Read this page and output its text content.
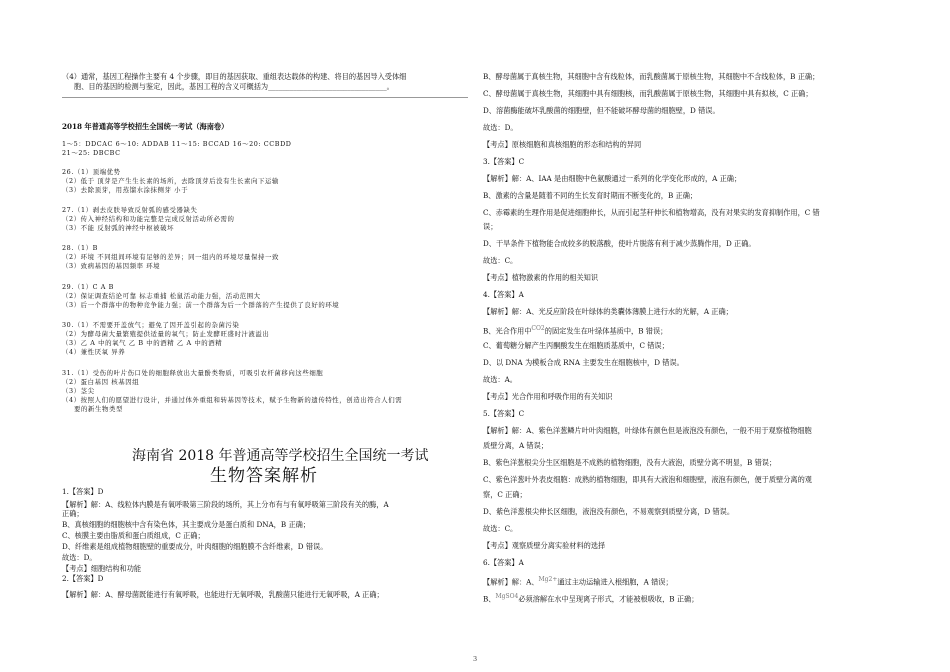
（4）通常，基因工程操作主要有 4 个步骤，即目的基因获取、重组表达载体的构建、将目的基因导入受体细
胞、目的基因的检测与鉴定，因此，基因工程的含义可概括为_________________________________。
2018 年普通高等学校招生全国统一考试（海南卷）
1～5：DDCAC 6～10: ADDAB 11～15: BCCAD 16～20: CCBDD
21～25: DBCBC
26.（1）顶端优势
（2）低于 顶芽是产生生长素的场所，去除顶芽后没有生长素向下运输
（3）去除顶芽，用蒸馏水涂抹侧芽 小于
27.（1）剥去皮肤导致反射弧的感受器缺失
（2）传入神经结构和功能完整是完成反射活动所必需的
（3）不能 反射弧的神经中枢被破坏
28.（1）B
（2）环境 不同组间环境有足够的差异；同一组内的环境尽量保持一致
（3）致病基因的基因频率 环境
29.（1）C A B
（2）保证调查结论可靠 标志重捕 松鼠活动能力强，活动范围大
（3）后一个群落中的物种竞争能力强；前一个群落为后一个群落的产生提供了良好的环境
30.（1）不需要开盖放气；避免了因开盖引起的杂菌污染
（2）为酵母菌大量繁殖提供适量的氧气；防止发酵旺盛时汁液溢出
（3）乙 A 中的氧气 乙 B 中的酒精 乙 A 中的酒精
（4）兼性厌氧 异养
31.（1）受伤的叶片伤口处的细胞释放出大量酚类物质，可吸引农杆菌移向这些细胞
（2）蛋白基因 核基因组
（3）茎尖
（4）按照人们的愿望进行设计，并通过体外重组和转基因等技术，赋予生物新的遗传特性，创造出符合人们需
要的新生物类型
海南省 2018 年普通高等学校招生全国统一考试
生物答案解析
1.【答案】D
【解析】解：A、线粒体内膜是有氧呼吸第三阶段的场所，其上分布有与有氧呼吸第三阶段有关的酶，A
正确；
B、真核细胞的细胞核中含有染色体，其主要成分是蛋白质和 DNA，B 正确；
C、核膜主要由脂质和蛋白质组成，C 正确；
D、纤维素是组成植物细胞壁的重要成分，叶肉细胞的细胞膜不含纤维素，D 错误。
故选：D。
【考点】细胞结构和功能
2.【答案】D
【解析】解：A、酵母菌既能进行有氧呼吸，也能进行无氧呼吸，乳酸菌只能进行无氧呼吸，A 正确；
B、酵母菌属于真核生物，其细胞中含有线粒体，而乳酸菌属于原核生物，其细胞中不含线粒体，B 正确；
C、酵母菌属于真核生物，其细胞中具有细胞核，而乳酸菌属于原核生物，其细胞中具有拟核，C 正确；
D、溶菌酶能破坏乳酸菌的细胞壁，但不能破坏酵母菌的细胞壁，D 错误。
故选：D。
【考点】原核细胞和真核细胞的形态和结构的异同
3.【答案】C
【解析】解：A、IAA 是由细胞中色氨酸通过一系列的化学变化形成的，A 正确；
B、激素的含量是随着不同的生长发育时期而不断变化的，B 正确；
C、赤霉素的生理作用是促进细胞伸长，从而引起茎秆伸长和植物增高，没有对果实的发育抑制作用，C 错
误；
D、干旱条件下植物能合成较多的脱落酸，使叶片脱落有利于减少蒸腾作用，D 正确。
故选：C。
【考点】植物激素的作用的相关知识
4.【答案】A
【解析】解：A、光反应阶段在叶绿体的类囊体薄膜上进行水的光解，A 正确；
B、光合作用中$^{CO2}$的固定发生在叶绿体基质中，B 错误；
C、葡萄糖分解产生丙酮酸发生在细胞质基质中，C 错误；
D、以 DNA 为模板合成 RNA 主要发生在细胞核中，D 错误。
故选：A。
【考点】光合作用和呼吸作用的有关知识
5.【答案】C
【解析】解：A、紫色洋葱鳞片叶叶肉细胞，叶绿体有颜色但是液泡没有颜色，一般不用于观察植物细胞
质壁分离，A 错误；
B、紫色洋葱根尖分生区细胞是不成熟的植物细胞，没有大液泡，质壁分离不明显，B 错误；
C、紫色洋葱叶外表皮细胞：成熟的植物细胞，即具有大液泡和细胞壁，液泡有颜色，便于质壁分离的观
察，C 正确；
D、紫色洋葱根尖伸长区细胞，液泡没有颜色，不易观察到质壁分离，D 错误。
故选：C。
【考点】观察质壁分离实验材料的选择
6.【答案】A
【解析】解：A、$^{Mg2+}$通过主动运输进入根细胞，A 错误；
B、$^{MgSO4}$必须溶解在水中呈现离子形式，才能被根吸收，B 正确；
3
